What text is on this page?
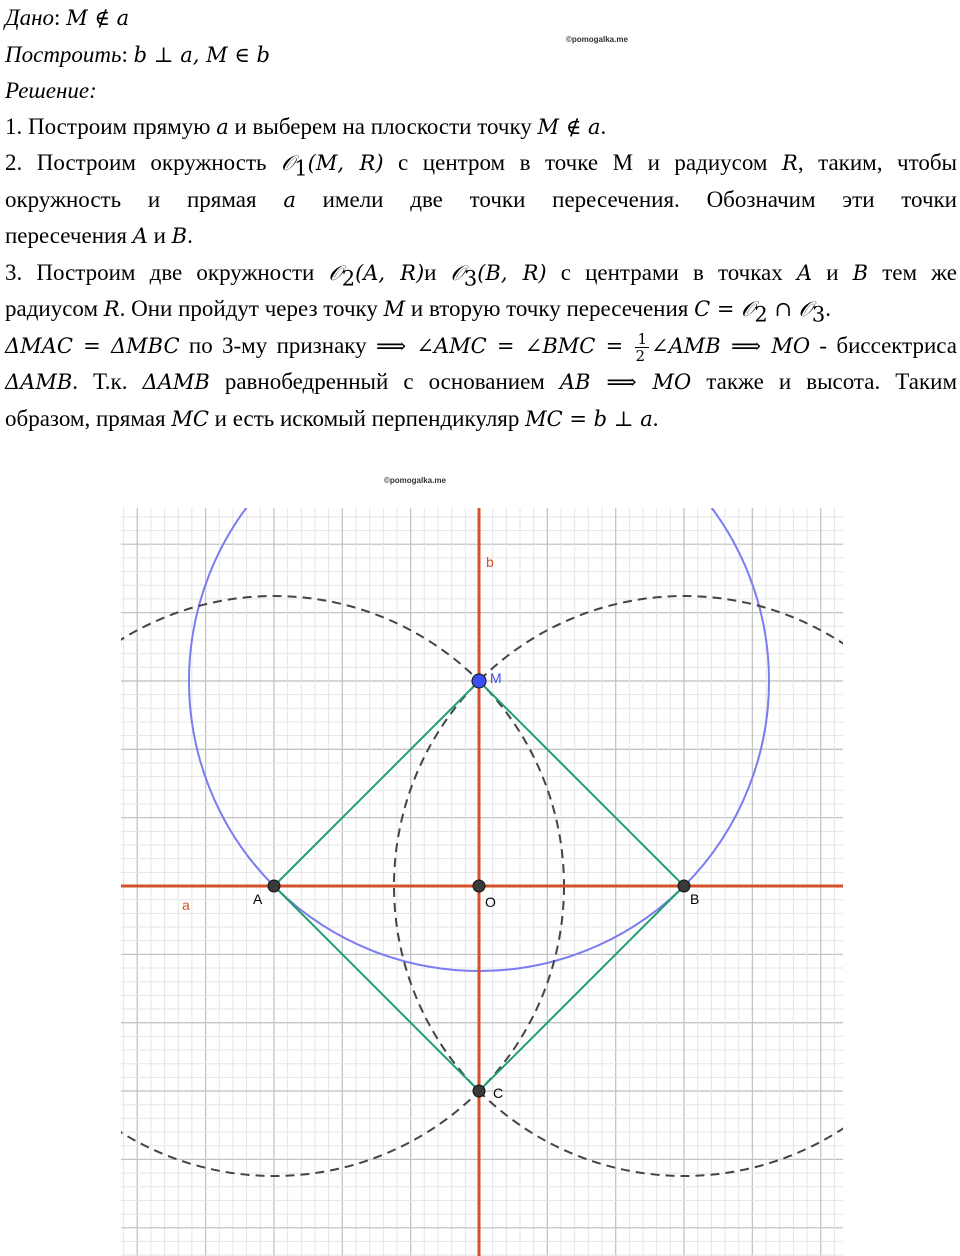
Дано: M ∉ a
Построить: b ⊥ a, M ∈ b
Решение:
1. Построим прямую a и выберем на плоскости точку M ∉ a.
2. Построим окружность 𝒪$_1$(M, R) с центром в точке М и радиусом R, таким, чтобы
окружность и прямая a имели две точки пересечения. Обозначим эти точки
пересечения A и B.
3. Построим две окружности 𝒪$_2$(A, R)и 𝒪$_3$(B, R) с центрами в точках A и B тем же
радиусом R. Они пройдут через точку M и вторую точку пересечения C = 𝒪$_2$ ∩ 𝒪$_3$.
ΔMAC = ΔMBC по 3-му признаку ⟹ ∠AMC = ∠BMC = $\frac{1}{2}$ ∠AMB ⟹ MO - биссектриса
ΔAMB. Т.к. ΔAMB равнобедренный с основанием AB ⟹ MO также и высота. Таким
образом, прямая MC и есть искомый перпендикуляр MC = b ⊥ a.
©pomogalka.me
©pomogalka.me
A	B
O
C
M
a
b
